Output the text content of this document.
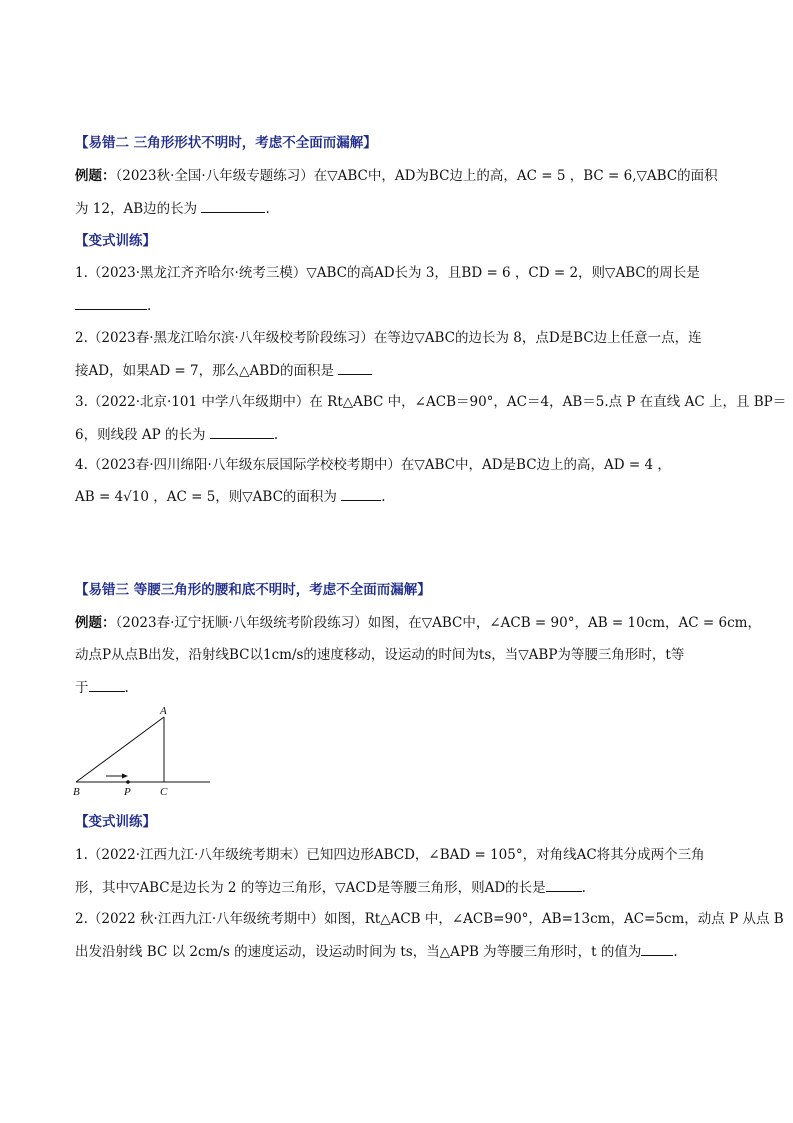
【易错二 三角形形状不明时，考虑不全面而漏解】
例题：（2023秋·全国·八年级专题练习）在▽ABC中，AD为BC边上的高，AC = 5 ，BC = 6,▽ABC的面积
为 12，AB边的长为	.
【变式训练】
1.（2023·黑龙江齐齐哈尔·统考三模）▽ABC的高AD长为 3，且BD = 6 ，CD = 2，则▽ABC的周长是
.
2.（2023春·黑龙江哈尔滨·八年级校考阶段练习）在等边▽ABC的边长为 8，点D是BC边上任意一点，连
接AD，如果AD = 7，那么△ABD的面积是
3.（2022·北京·101 中学八年级期中）在 Rt△ABC 中，∠ACB＝90°，AC＝4，AB＝5.点 P 在直线 AC 上，且 BP＝
6，则线段 AP 的长为	.
4.（2023春·四川绵阳·八年级东辰国际学校校考期中）在▽ABC中，AD是BC边上的高，AD = 4 ，
AB = 4√10 ，AC = 5，则▽ABC的面积为	.
【易错三 等腰三角形的腰和底不明时，考虑不全面而漏解】
例题：（2023春·辽宁抚顺·八年级统考阶段练习）如图，在▽ABC中，∠ACB = 90°，AB = 10cm，AC = 6cm，
动点P从点B出发，沿射线BC以1cm/s的速度移动，设运动的时间为ts，当▽ABP为等腰三角形时，t等
于	.
A
B	P	C
【变式训练】
1.（2022·江西九江·八年级统考期末）已知四边形ABCD，∠BAD = 105°，对角线AC将其分成两个三角
形，其中▽ABC是边长为 2 的等边三角形，▽ACD是等腰三角形，则AD的长是	.
2.（2022 秋·江西九江·八年级统考期中）如图，Rt△ACB 中，∠ACB=90°，AB=13cm，AC=5cm，动点 P 从点 B
出发沿射线 BC 以 2cm/s 的速度运动，设运动时间为 ts，当△APB 为等腰三角形时，t 的值为 .
